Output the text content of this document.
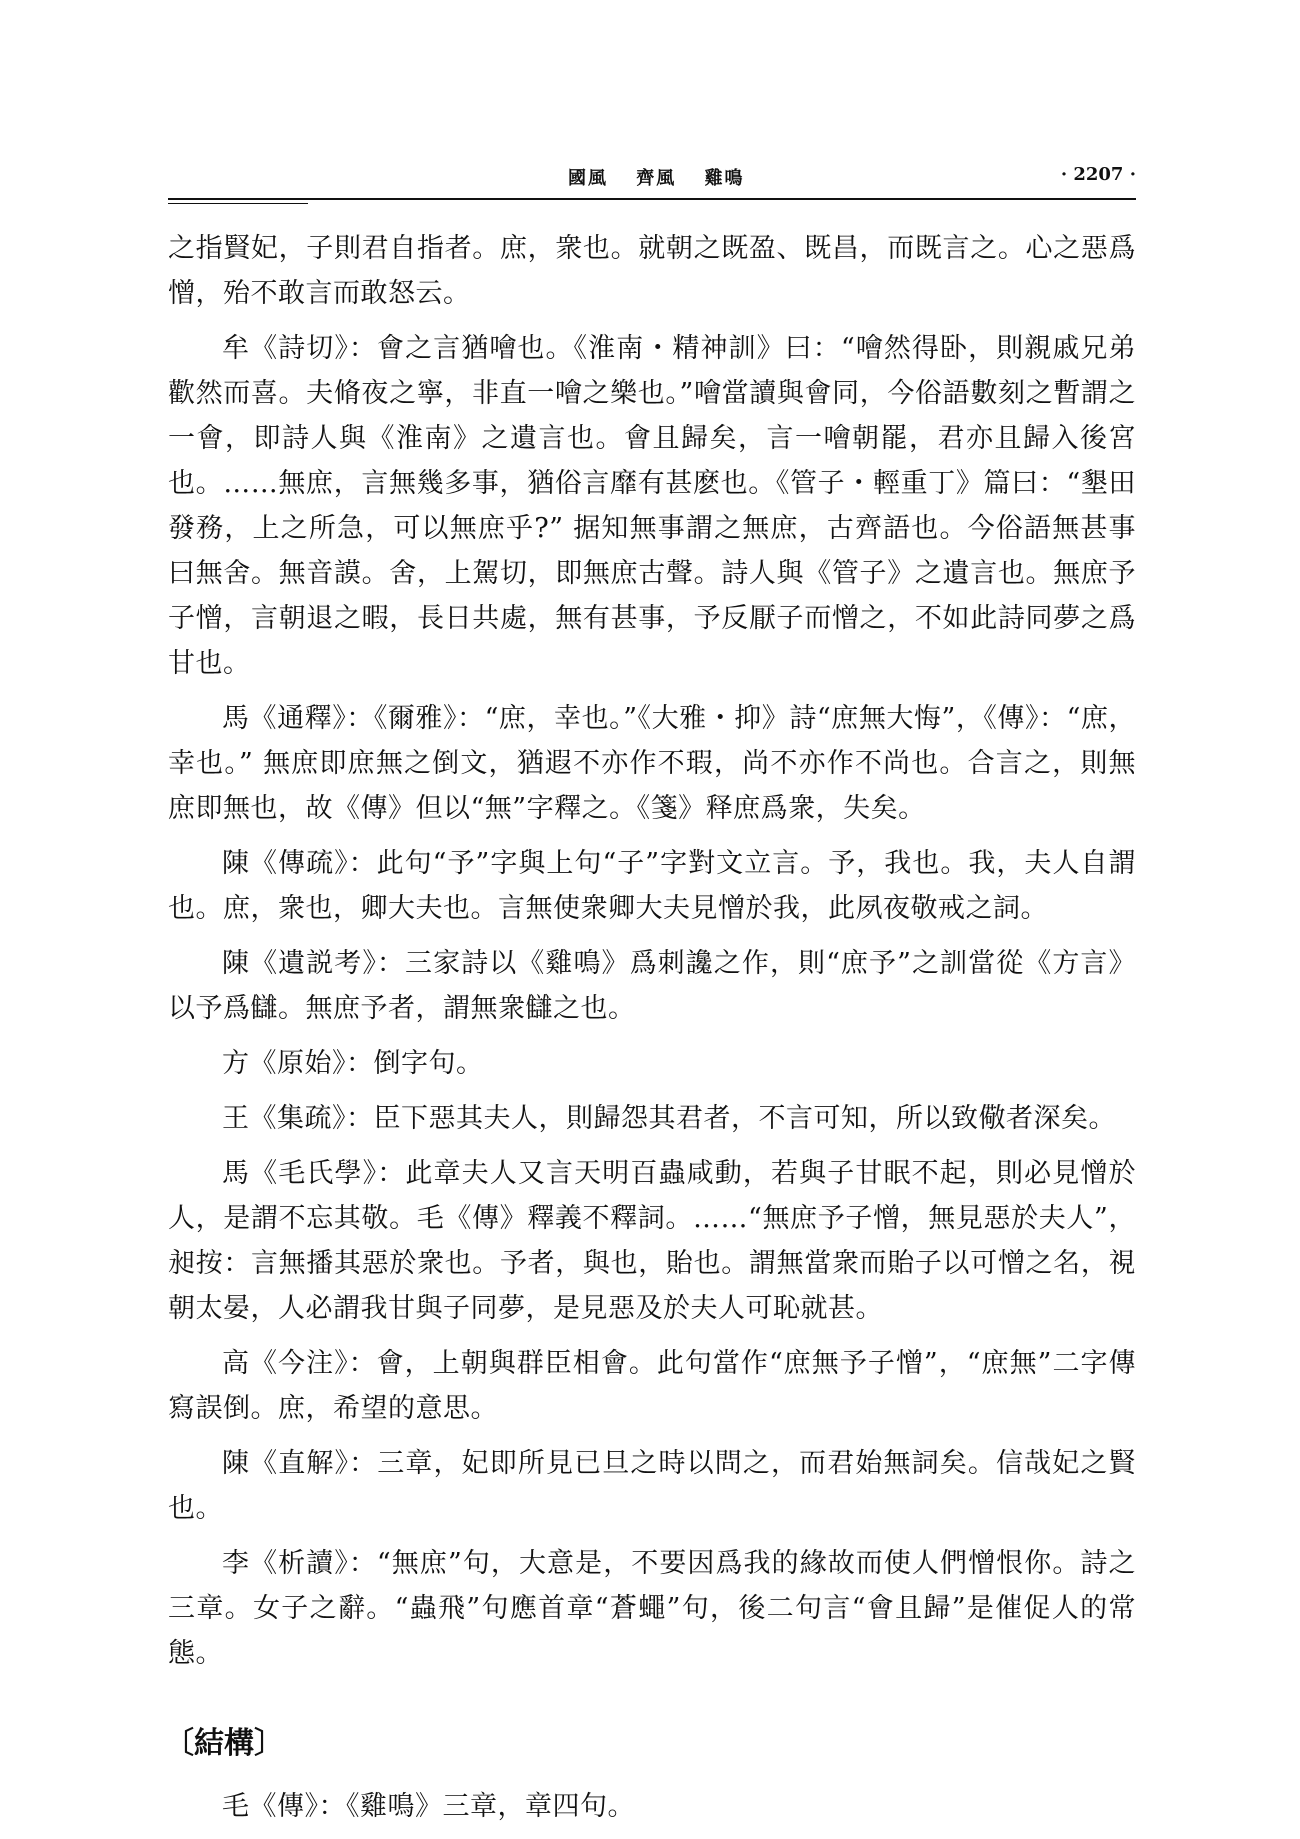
國風 齊風 雞鳴	· 2207 ·

之指賢妃，子則君自指者。庶，衆也。就朝之既盈、既昌，而既言之。心之惡爲憎，殆不敢言而敢怒云。

牟《詩切》：會之言猶噲也。《淮南・精神訓》曰：“噲然得卧，則親戚兄弟歡然而喜。夫脩夜之寧，非直一噲之樂也。”噲當讀與會同，今俗語數刻之暫謂之一會，即詩人與《淮南》之遺言也。會且歸矣，言一噲朝罷，君亦且歸入後宮也。……無庶，言無幾多事，猶俗言靡有甚麽也。《管子・輕重丁》篇曰：“墾田發務，上之所急，可以無庶乎?” 据知無事謂之無庶，古齊語也。今俗語無甚事曰無舍。無音謨。舍，上駕切，即無庶古聲。詩人與《管子》之遺言也。無庶予子憎，言朝退之暇，長日共處，無有甚事，予反厭子而憎之，不如此詩同夢之爲甘也。

馬《通釋》：《爾雅》：“庶，幸也。”《大雅・抑》詩“庶無大悔”，《傳》：“庶，幸也。” 無庶即庶無之倒文，猶遐不亦作不瑕，尚不亦作不尚也。合言之，則無庶即無也，故《傳》但以“無”字釋之。《箋》释庶爲衆，失矣。

陳《傳疏》：此句“予”字與上句“子”字對文立言。予，我也。我，夫人自謂也。庶，衆也，卿大夫也。言無使衆卿大夫見憎於我，此夙夜敬戒之詞。

陳《遺説考》：三家詩以《雞鳴》爲刺讒之作，則“庶予”之訓當從《方言》以予爲讎。無庶予者，謂無衆讎之也。

方《原始》：倒字句。

王《集疏》：臣下惡其夫人，則歸怨其君者，不言可知，所以致儆者深矣。

馬《毛氏學》：此章夫人又言天明百蟲咸動，若與子甘眠不起，則必見憎於人，是謂不忘其敬。毛《傳》釋義不釋詞。……“無庶予子憎，無見惡於夫人”，昶按：言無播其惡於衆也。予者，與也，貽也。謂無當衆而貽子以可憎之名，視朝太晏，人必謂我甘與子同夢，是見惡及於夫人可恥就甚。

高《今注》：會，上朝與群臣相會。此句當作“庶無予子憎”，“庶無”二字傳寫誤倒。庶，希望的意思。

陳《直解》：三章，妃即所見已旦之時以問之，而君始無詞矣。信哉妃之賢也。

李《析讀》：“無庶”句，大意是，不要因爲我的緣故而使人們憎恨你。詩之三章。女子之辭。“蟲飛”句應首章“蒼蠅”句，後二句言“會且歸”是催促人的常態。

〔結構〕

毛《傳》：《雞鳴》三章，章四句。
